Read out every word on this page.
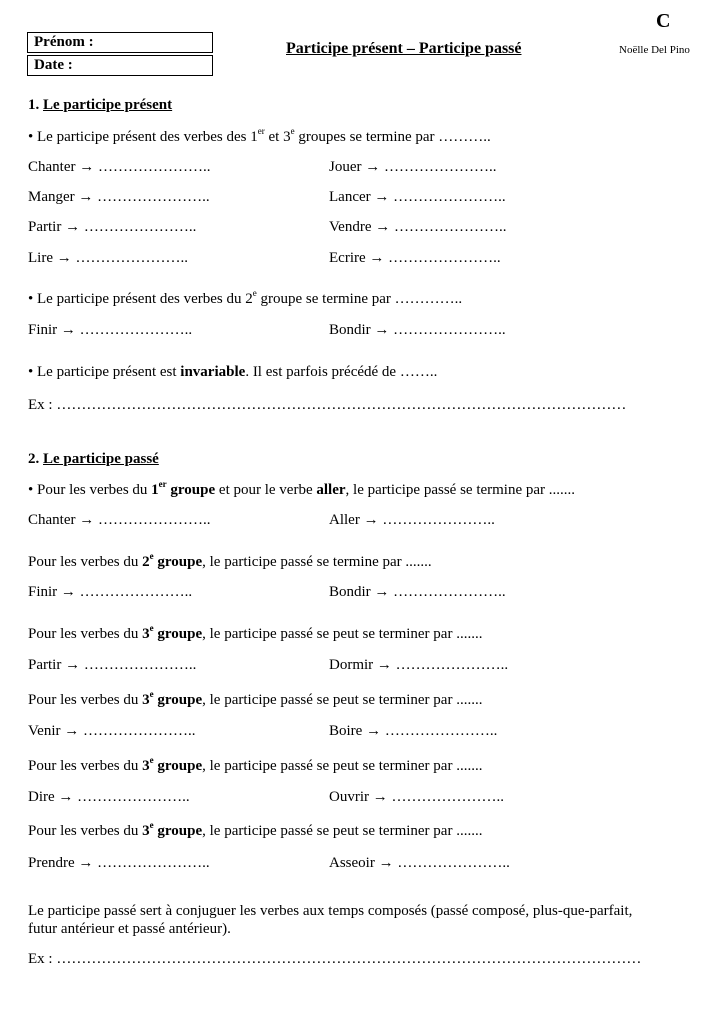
C
Prénom :
Date :
Participe présent – Participe passé	Noëlle Del Pino
1. Le participe présent
• Le participe présent des verbes des 1er et 3e groupes se termine par ………..
Chanter → …………………..	Jouer → …………………..
Manger → …………………..	Lancer → …………………..
Partir → …………………..	Vendre → …………………..
Lire → …………………..	Ecrire → …………………..
• Le participe présent des verbes du 2e groupe se termine par …………..
Finir → …………………..	Bondir → …………………..
• Le participe présent est invariable. Il est parfois précédé de ……..
Ex : ……………………………………………………………………………………………………
2. Le participe passé
• Pour les verbes du 1er groupe et pour le verbe aller, le participe passé se termine par .......
Chanter → …………………..	Aller → …………………..
Pour les verbes du 2e groupe, le participe passé se termine par .......
Finir → …………………..	Bondir → …………………..
Pour les verbes du 3e groupe, le participe passé se peut se terminer par .......
Partir → …………………..	Dormir → …………………..
Pour les verbes du 3e groupe, le participe passé se peut se terminer par .......
Venir → …………………..	Boire → …………………..
Pour les verbes du 3e groupe, le participe passé se peut se terminer par .......
Dire → …………………..	Ouvrir → …………………..
Pour les verbes du 3e groupe, le participe passé se peut se terminer par .......
Prendre → …………………..	Asseoir → …………………..
Le participe passé sert à conjuguer les verbes aux temps composés (passé composé, plus-que-parfait,
futur antérieur et passé antérieur).
Ex : ………………………………………………………………………………………………………
